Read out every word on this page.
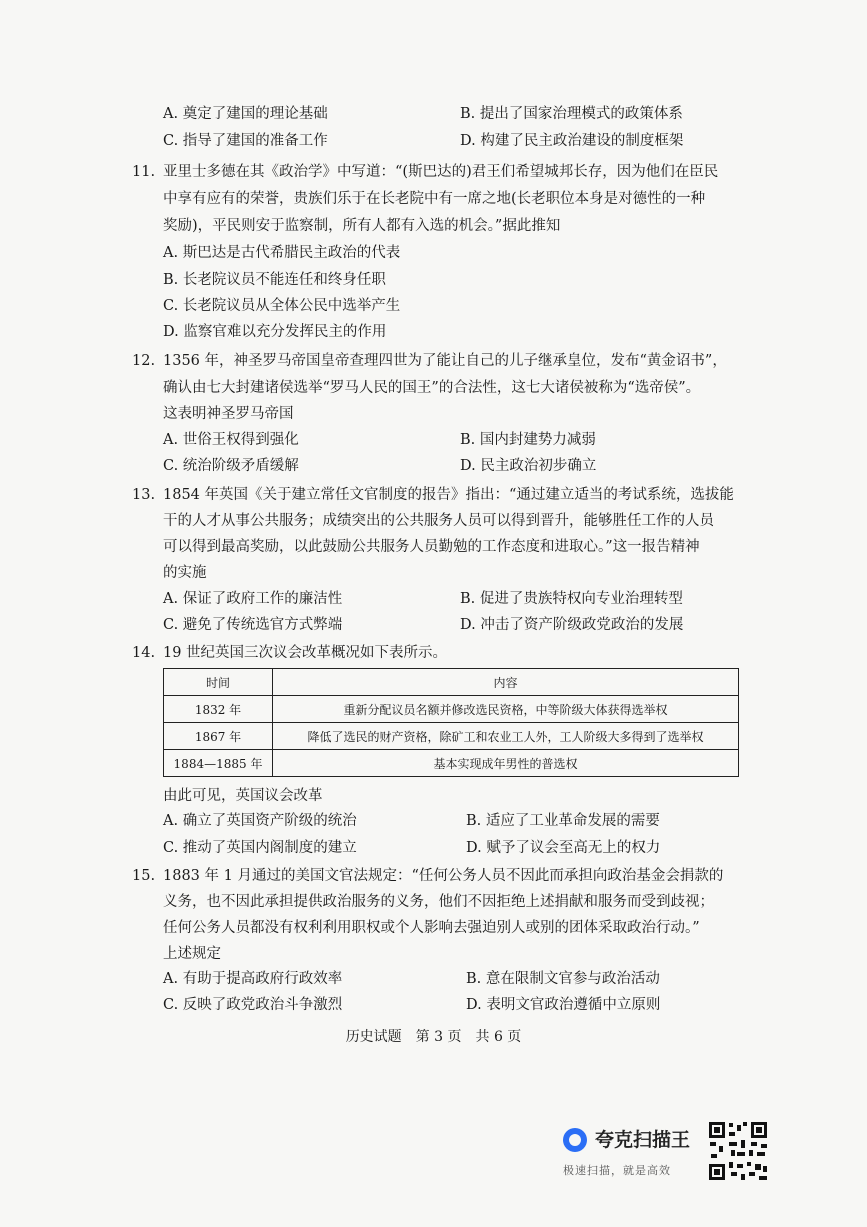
A. 奠定了建国的理论基础	B. 提出了国家治理模式的政策体系
C. 指导了建国的准备工作	D. 构建了民主政治建设的制度框架
11. 亚里士多德在其《政治学》中写道：“(斯巴达的)君王们希望城邦长存，因为他们在臣民
中享有应有的荣誉，贵族们乐于在长老院中有一席之地(长老职位本身是对德性的一种
奖励)，平民则安于监察制，所有人都有入选的机会。”据此推知
A. 斯巴达是古代希腊民主政治的代表
B. 长老院议员不能连任和终身任职
C. 长老院议员从全体公民中选举产生
D. 监察官难以充分发挥民主的作用
12. 1356 年，神圣罗马帝国皇帝查理四世为了能让自己的儿子继承皇位，发布“黄金诏书”，
确认由七大封建诸侯选举“罗马人民的国王”的合法性，这七大诸侯被称为“选帝侯”。
这表明神圣罗马帝国
A. 世俗王权得到强化	B. 国内封建势力减弱
C. 统治阶级矛盾缓解	D. 民主政治初步确立
13. 1854 年英国《关于建立常任文官制度的报告》指出：“通过建立适当的考试系统，选拔能
干的人才从事公共服务；成绩突出的公共服务人员可以得到晋升，能够胜任工作的人员
可以得到最高奖励，以此鼓励公共服务人员勤勉的工作态度和进取心。”这一报告精神
的实施
A. 保证了政府工作的廉洁性	B. 促进了贵族特权向专业治理转型
C. 避免了传统选官方式弊端	D. 冲击了资产阶级政党政治的发展
14. 19 世纪英国三次议会改革概况如下表所示。
时间	内容
1832 年	重新分配议员名额并修改选民资格，中等阶级大体获得选举权
1867 年	降低了选民的财产资格，除矿工和农业工人外，工人阶级大多得到了选举权
1884—1885 年	基本实现成年男性的普选权
由此可见，英国议会改革
A. 确立了英国资产阶级的统治	B. 适应了工业革命发展的需要
C. 推动了英国内阁制度的建立	D. 赋予了议会至高无上的权力
15. 1883 年 1 月通过的美国文官法规定：“任何公务人员不因此而承担向政治基金会捐款的
义务，也不因此承担提供政治服务的义务，他们不因拒绝上述捐献和服务而受到歧视；
任何公务人员都没有权利利用职权或个人影响去强迫别人或别的团体采取政治行动。”
上述规定
A. 有助于提高政府行政效率	B. 意在限制文官参与政治活动
C. 反映了政党政治斗争激烈	D. 表明文官政治遵循中立原则
历史试题　第 3 页　共 6 页
夸克扫描王
极速扫描，就是高效
